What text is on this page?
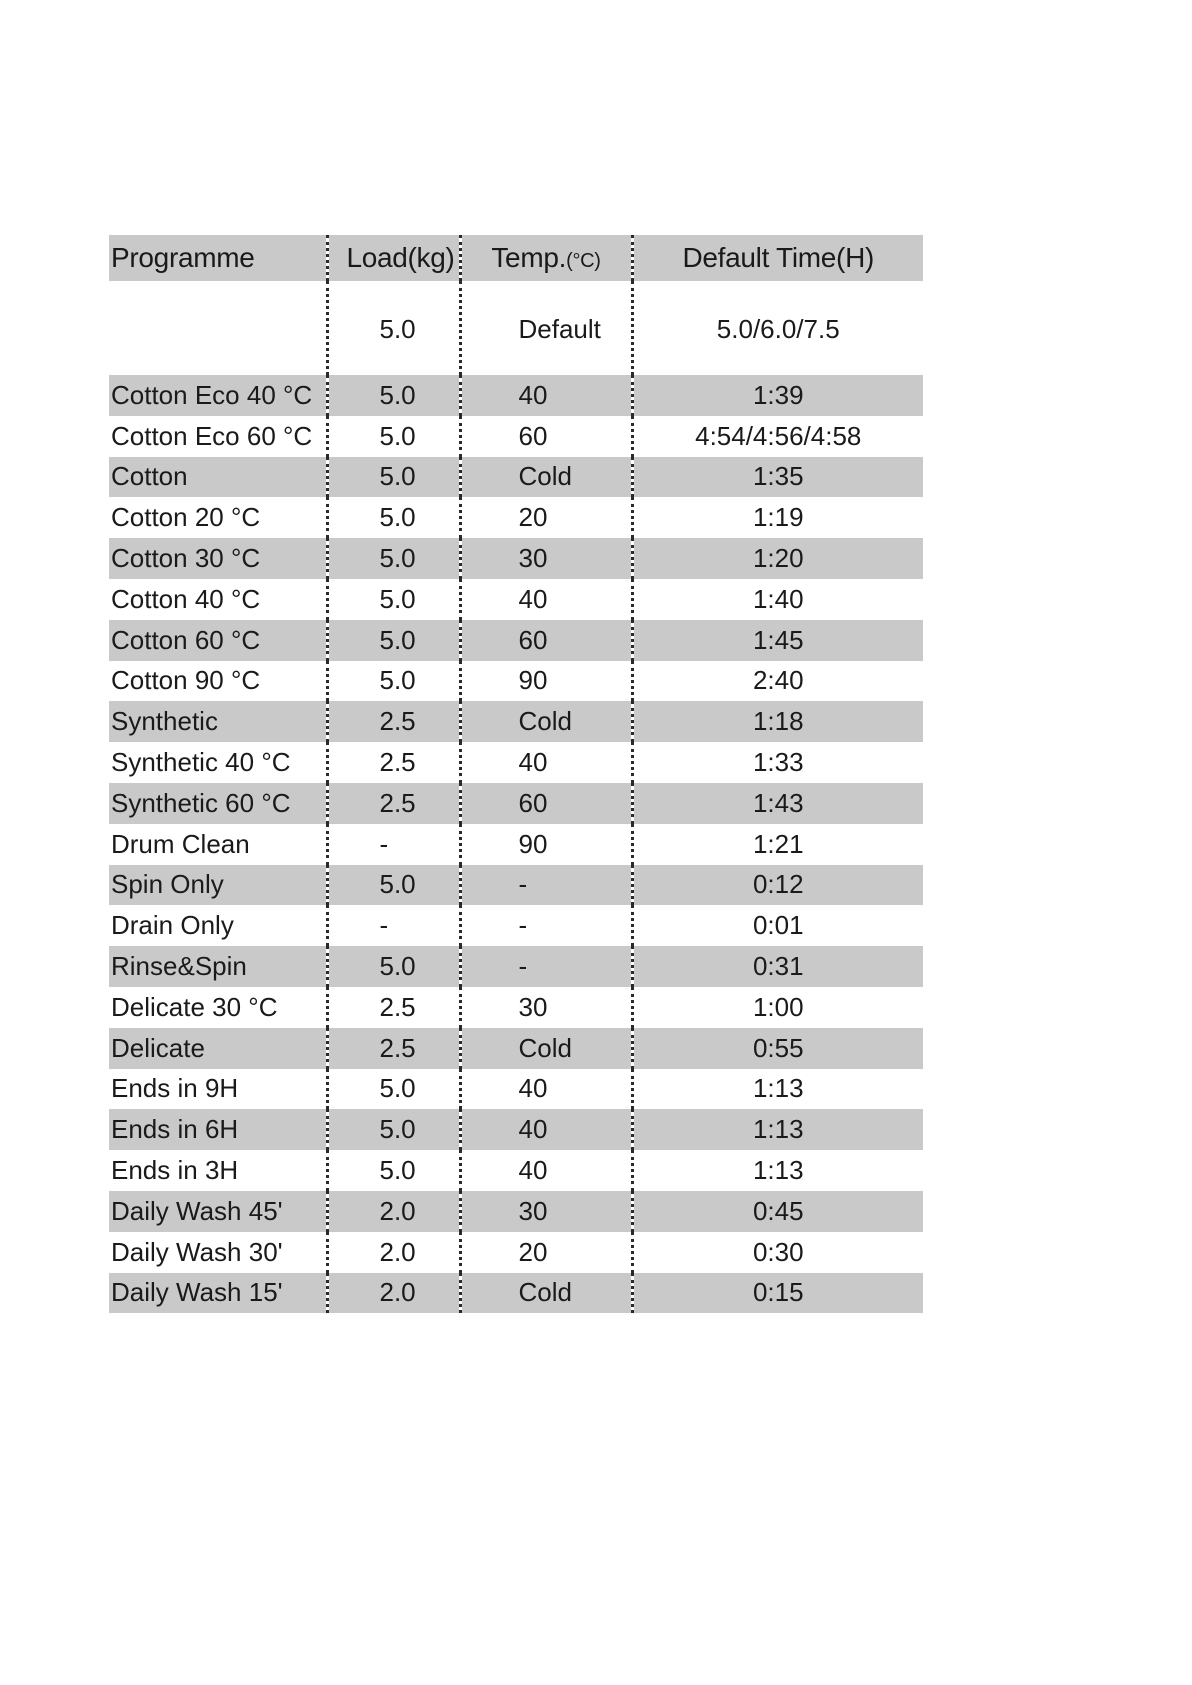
Programme	Load(kg)	Temp.(°C)	Default Time(H)
	5.0	Default	5.0/6.0/7.5
Cotton Eco 40 °C	5.0	40	1:39
Cotton Eco 60 °C	5.0	60	4:54/4:56/4:58
Cotton	5.0	Cold	1:35
Cotton 20 °C	5.0	20	1:19
Cotton 30 °C	5.0	30	1:20
Cotton 40 °C	5.0	40	1:40
Cotton 60 °C	5.0	60	1:45
Cotton 90 °C	5.0	90	2:40
Synthetic	2.5	Cold	1:18
Synthetic 40 °C	2.5	40	1:33
Synthetic 60 °C	2.5	60	1:43
Drum Clean	-	90	1:21
Spin Only	5.0	-	0:12
Drain Only	-	-	0:01
Rinse&Spin	5.0	-	0:31
Delicate 30 °C	2.5	30	1:00
Delicate	2.5	Cold	0:55
Ends in 9H	5.0	40	1:13
Ends in 6H	5.0	40	1:13
Ends in 3H	5.0	40	1:13
Daily Wash 45'	2.0	30	0:45
Daily Wash 30'	2.0	20	0:30
Daily Wash 15'	2.0	Cold	0:15
